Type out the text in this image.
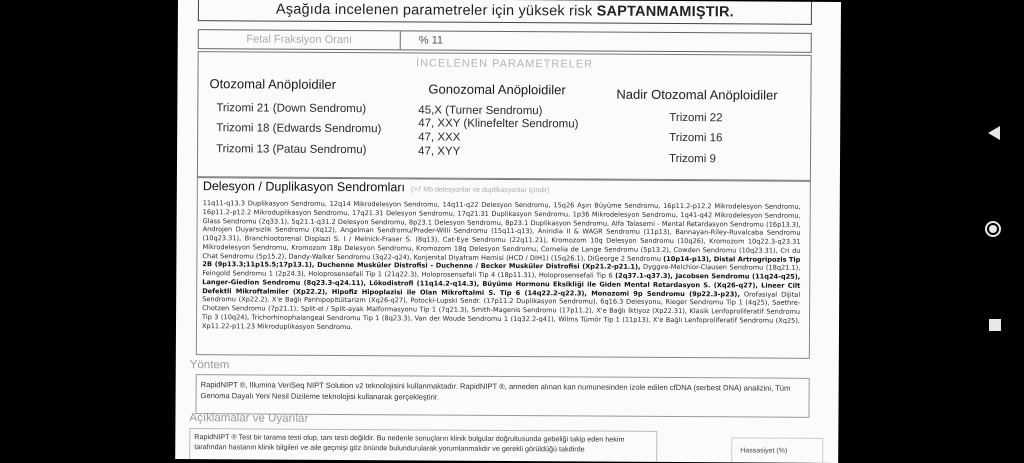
Aşağıda incelenen parametreler için yüksek risk SAPTANMAMIŞTIR.
Fetal Fraksiyon Oranı	% 11
İNCELENEN PARAMETRELER
Otozomal Anöploidiler
Trizomi 21 (Down Sendromu)
Trizomi 18 (Edwards Sendromu)
Trizomi 13 (Patau Sendromu)
Gonozomal Anöploidiler
45,X (Turner Sendromu)
47, XXY (Klinefelter Sendromu)
47, XXX
47, XYY
Nadir Otozomal Anöploidiler
Trizomi 22
Trizomi 16
Trizomi 9
Delesyon / Duplikasyon Sendromları (>7 Mb delesyonlar ve duplikasyonlar içindir)
11q11-q13.3 Duplikasyon Sendromu, 12q14 Mikrodelesyon Sendromu, 14q11-q22 Delesyon Sendromu, 15q26 Aşırı Büyüme Sendromu, 16p11.2-p12.2 Mikrodelesyon Sendromu, 16p11.2-p12.2 Mikroduplikasyon Sendromu, 17q21.31 Delesyon Sendromu, 17q21.31 Duplikasyon Sendromu, 1p36 Mikrodelesyon Sendromu, 1q41-q42 Mikrodelesyon Sendromu, Glass Sendromu (2q33.1), 5q21.1-q31.2 Delesyon Sendromu, 8p23.1 Delesyon Sendromu, 8p23.1 Duplikasyon Sendromu, Alfa Talasemi - Mental Retardasyon Sendromu (16p13.3), Androjen Duyarsızlık Sendromu (Xq12), Angelman Sendromu/Prader-Willi Sendromu (15q11-q13), Aniridia II & WAGR Sendromu (11p13), Bannayan-Riley-Ruvalcaba Sendromu (10q23.31), Branchiootorenal Displazi S. I / Melnick-Fraser S. (8q13), Cat-Eye Sendromu (22q11.21), Kromozom 10q Delesyon Sendromu (10q26), Kromozom 10q22.3-q23.31 Mikrodelesyon Sendromu, Kromozom 18p Delesyon Sendromu, Kromozom 18q Delesyon Sendromu, Cornelia de Lange Sendromu (5p13.2), Cowden Sendromu (10q23.31), Cri du Chat Sendromu (5p15.2), Dandy-Walker Sendromu (3q22-q24), Konjenital Diyafram Hernisi (HCD / DIH1) (15q26.1), DiGeorge 2 Sendromu (10p14-p13), Distal Artrogripozis Tip 2B (9p13.3;11p15.5;17p13.1), Duchenne Musküler Distrofisi - Duchenne / Becker Musküler Distrofisi (Xp21.2-p21.1), Dyggve-Melchior-Clausen Sendromu (18q21.1), Feingold Sendromu 1 (2p24.3), Holoprosensefali Tip 1 (21q22.3), Holoprosensefali Tip 4 (18p11.31), Holoprosensefali Tip 6 (2q37.1-q37.3), Jacobsen Sendromu (11q24-q25), Langer-Giedion Sendromu (8q23.3-q24.11), Lökodistrofi (11q14.2-q14.3), Büyüme Hormonu Eksikliği ile Giden Mental Retardasyon S. (Xq26-q27), Lineer Cilt Defektli Mikroftalmiler (Xp22.2), Hipofiz Hipoplazisi ile Olan Mikroftalmi S. Tip 6 (14q22.2-q22.3), Monozomi 9p Sendromu (9p22.3-p23), Orofasiyal Dijital Sendromu (Xp22.2), X'e Bağlı Panhipopitüitarizm (Xq26-q27), Potocki-Lupski Sendr. (17p11.2 Duplikasyon Sendromu), 6q16.3 Delesyonu, Rieger Sendromu Tip 1 (4q25), Saethre-Chotzen Sendromu (7p21.1), Split-el / Split-ayak Malformasyonu Tip 1 (7q21.3), Smith-Magenis Sendromu (17p11.2), X'e Bağlı İktiyoz (Xp22.31), Klasik Lenfoproliferatif Sendromu Tip 3 (10q24), Trichorhinophalangeal Sendromu Tip 1 (8q23.3), Van der Woude Sendromu 1 (1q32.2-q41), Wilms Tümör Tip 1 (11p13), X'e Bağlı Lenfoproliferatif Sendromu (Xq25), Xp11.22-p11.23 Mikroduplikasyon Sendromu.
Yöntem
RapidNIPT ®, Illumina VeriSeq NIPT Solution v2 teknolojisini kullanmaktadır. RapidNIPT ®, anneden alınan kan numunesinden izole edilen cfDNA (serbest DNA) analizini, Tüm Genoma Dayalı Yeni Nesil Dizileme teknolojisi kullanarak gerçekleştirir.
Açıklamalar ve Uyarılar
RapidNIPT ® Test bir tarama testi olup, tanı testi değildir. Bu nedenle sonuçların klinik bulgular doğrultusunda gebeliği takip eden hekim tarafından hastanın klinik bilgileri ve aile geçmişi göz önünde bulundurularak yorumlanmalıdır ve gerekli görüldüğü takdirde	Hassasiyet (%)
